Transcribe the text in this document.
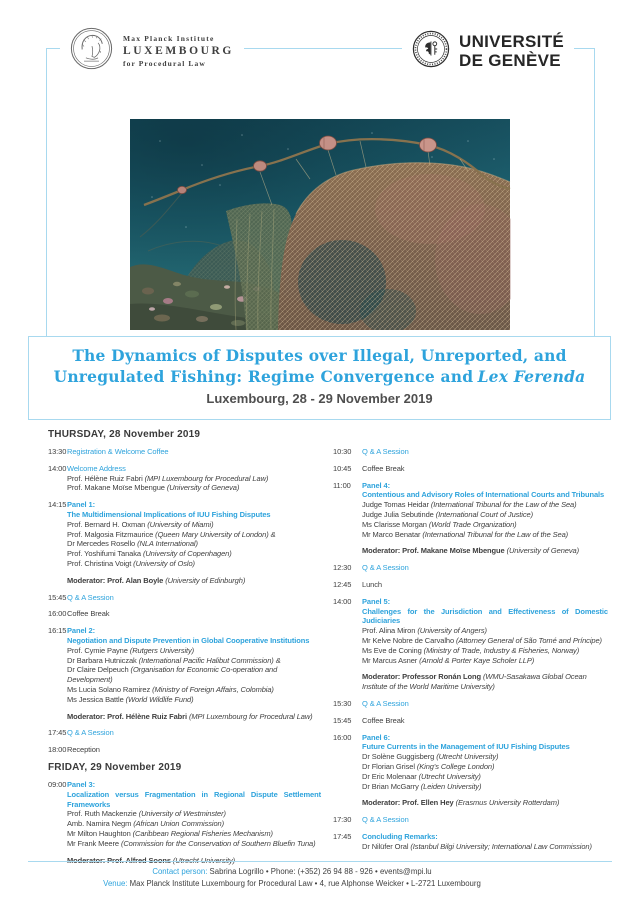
Max Planck Institute
LUXEMBOURG
for Procedural Law
UNIVERSITÉ
DE GENÈVE
The Dynamics of Disputes over Illegal, Unreported, and
Unregulated Fishing: Regime Convergence and Lex Ferenda
Luxembourg, 28 - 29 November 2019
THURSDAY, 28 November 2019
13:30 Registration & Welcome Coffee
14:00 Welcome Address
Prof. Hélène Ruiz Fabri (MPI Luxembourg for Procedural Law)
Prof. Makane Moïse Mbengue (University of Geneva)
14:15 Panel 1:
The Multidimensional Implications of IUU Fishing Disputes
Prof. Bernard H. Oxman (University of Miami)
Prof. Malgosia Fitzmaurice (Queen Mary University of London) &
Dr Mercedes Rosello (NLA International)
Prof. Yoshifumi Tanaka (University of Copenhagen)
Prof. Christina Voigt (University of Oslo)
Moderator: Prof. Alan Boyle (University of Edinburgh)
15:45 Q & A Session
16:00 Coffee Break
16:15 Panel 2:
Negotiation and Dispute Prevention in Global Cooperative Institutions
Prof. Cymie Payne (Rutgers University)
Dr Barbara Hutniczak (International Pacific Halibut Commission) &
Dr Claire Delpeuch (Organisation for Economic Co-operation and Development)
Ms Lucia Solano Ramirez (Ministry of Foreign Affairs, Colombia)
Ms Jessica Battle (World Wildlife Fund)
Moderator: Prof. Hélène Ruiz Fabri (MPI Luxembourg for Procedural Law)
17:45 Q & A Session
18:00 Reception
FRIDAY, 29 November 2019
09:00 Panel 3:
Localization versus Fragmentation in Regional Dispute Settlement Frameworks
Prof. Ruth Mackenzie (University of Westminster)
Amb. Namira Negm (African Union Commission)
Mr Milton Haughton (Caribbean Regional Fisheries Mechanism)
Mr Frank Meere (Commission for the Conservation of Southern Bluefin Tuna)
Moderator: Prof. Alfred Soons (Utrecht University)
10:30	Q & A Session
10:45	Coffee Break
11:00	Panel 4:
Contentious and Advisory Roles of International Courts and Tribunals
Judge Tomas Heidar (International Tribunal for the Law of the Sea)
Judge Julia Sebutinde (International Court of Justice)
Ms Clarisse Morgan (World Trade Organization)
Mr Marco Benatar (International Tribunal for the Law of the Sea)
Moderator: Prof. Makane Moïse Mbengue (University of Geneva)
12:30	Q & A Session
12:45	Lunch
14:00	Panel 5:
Challenges for the Jurisdiction and Effectiveness of Domestic Judiciaries
Prof. Alina Miron (University of Angers)
Mr Kelve Nobre de Carvalho (Attorney General of São Tomé and Príncipe)
Ms Eve de Coning (Ministry of Trade, Industry & Fisheries, Norway)
Mr Marcus Asner (Arnold & Porter Kaye Scholer LLP)
Moderator: Professor Ronán Long (WMU-Sasakawa Global Ocean Institute of the World Maritime University)
15:30	Q & A Session
15:45	Coffee Break
16:00	Panel 6:
Future Currents in the Management of IUU Fishing Disputes
Dr Solène Guggisberg (Utrecht University)
Dr Florian Grisel (King's College London)
Dr Eric Molenaar (Utrecht University)
Dr Brian McGarry (Leiden University)
Moderator: Prof. Ellen Hey (Erasmus University Rotterdam)
17:30	Q & A Session
17:45	Concluding Remarks:
Dr Nilüfer Oral (Istanbul Bilgi University; International Law Commission)
Contact person: Sabrina Logrillo • Phone: (+352) 26 94 88 - 926 • events@mpi.lu
Venue: Max Planck Institute Luxembourg for Procedural Law • 4, rue Alphonse Weicker • L-2721 Luxembourg
